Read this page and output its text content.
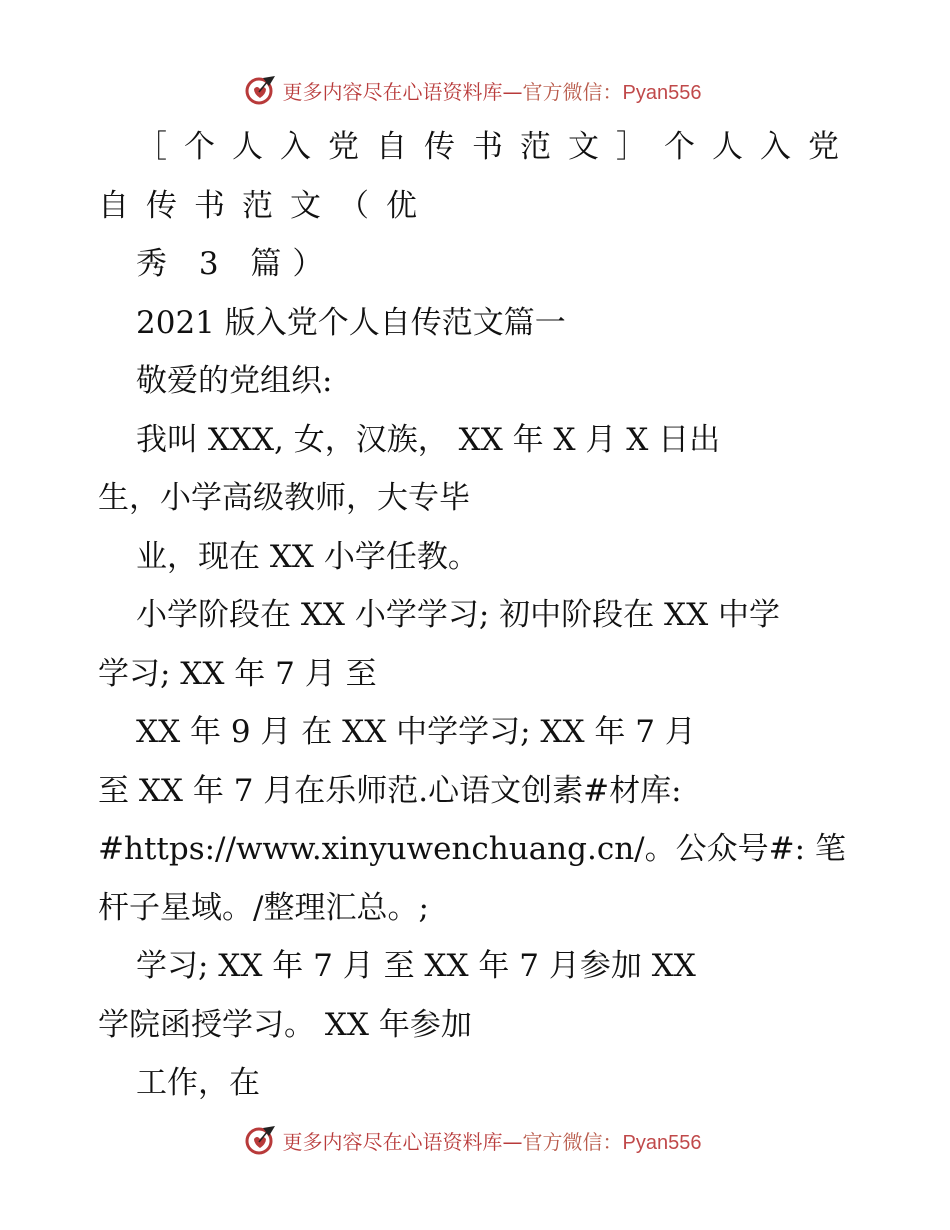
更多内容尽在心语资料库—官方微信：Pyan556
［个人入党自传书范文］个人入党
自传书范文（优
秀 3 篇）
2021 版入党个人自传范文篇一
敬爱的党组织:
我叫 XXX, 女，汉族， XX 年 X 月 X 日出
生，小学高级教师，大专毕
业，现在 XX 小学任教。
小学阶段在 XX 小学学习; 初中阶段在 XX 中学
学习; XX 年 7 月 至
XX 年 9 月 在 XX 中学学习; XX 年 7 月
至 XX 年 7 月在乐师范.心语文创素#材库:
#https://www.xinyuwenchuang.cn/。公众号#: 笔
杆子星域。/整理汇总。;
学习; XX 年 7 月 至 XX 年 7 月参加 XX
学院函授学习。 XX 年参加
工作，在
更多内容尽在心语资料库—官方微信：Pyan556
